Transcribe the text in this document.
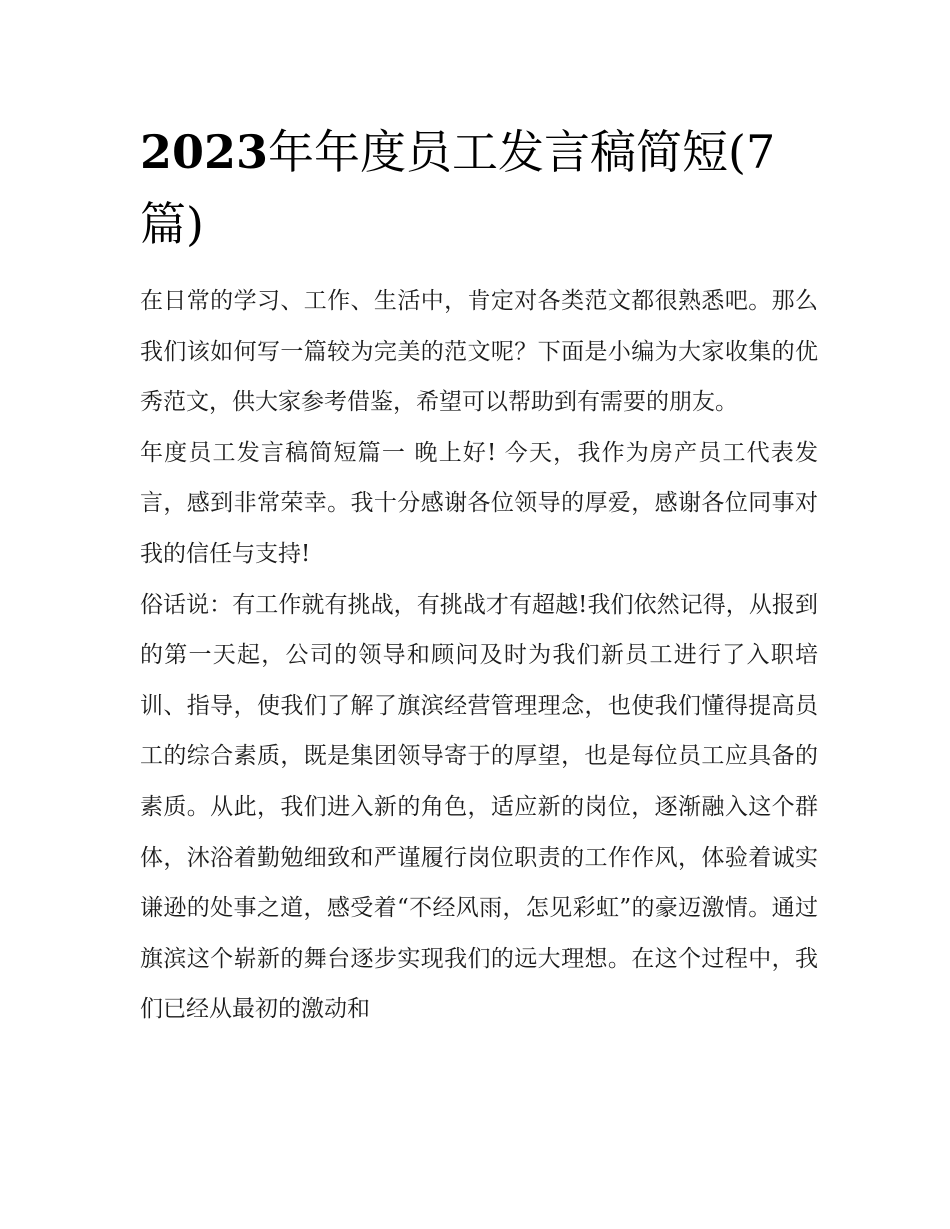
2023年年度员工发言稿简短(7篇)

在日常的学习、工作、生活中，肯定对各类范文都很熟悉吧。那么我们该如何写一篇较为完美的范文呢？下面是小编为大家收集的优秀范文，供大家参考借鉴，希望可以帮助到有需要的朋友。

年度员工发言稿简短篇一 晚上好! 今天，我作为房产员工代表发言，感到非常荣幸。我十分感谢各位领导的厚爱，感谢各位同事对我的信任与支持!

俗话说：有工作就有挑战，有挑战才有超越!我们依然记得，从报到的第一天起，公司的领导和顾问及时为我们新员工进行了入职培训、指导，使我们了解了旗滨经营管理理念，也使我们懂得提高员工的综合素质，既是集团领导寄于的厚望，也是每位员工应具备的素质。从此，我们进入新的角色，适应新的岗位，逐渐融入这个群体，沐浴着勤勉细致和严谨履行岗位职责的工作作风，体验着诚实谦逊的处事之道，感受着“不经风雨，怎见彩虹”的豪迈激情。通过旗滨这个崭新的舞台逐步实现我们的远大理想。在这个过程中，我们已经从最初的激动和
